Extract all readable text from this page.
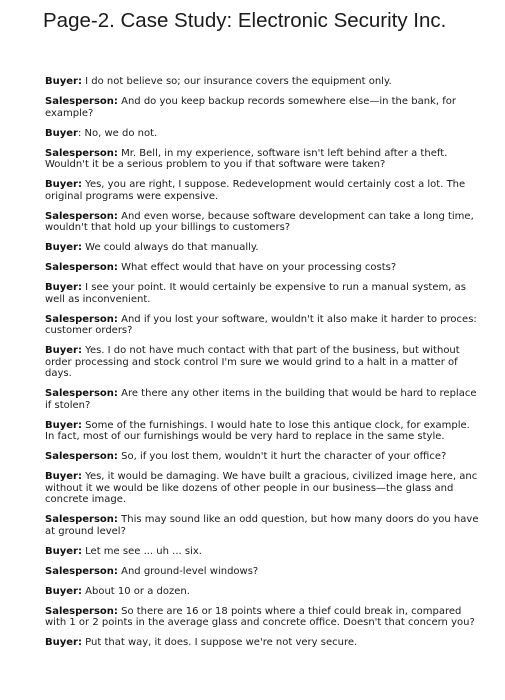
Page-2. Case Study: Electronic Security Inc.
Buyer: I do not believe so; our insurance covers the equipment only.
Salesperson: And do you keep backup records somewhere else—in the bank, for
example?
Buyer: No, we do not.
Salesperson: Mr. Bell, in my experience, software isn't left behind after a theft.
Wouldn't it be a serious problem to you if that software were taken?
Buyer: Yes, you are right, I suppose. Redevelopment would certainly cost a lot. The
original programs were expensive.
Salesperson: And even worse, because software development can take a long time,
wouldn't that hold up your billings to customers?
Buyer: We could always do that manually.
Salesperson: What effect would that have on your processing costs?
Buyer: I see your point. It would certainly be expensive to run a manual system, as
well as inconvenient.
Salesperson: And if you lost your software, wouldn't it also make it harder to proces:
customer orders?
Buyer: Yes. I do not have much contact with that part of the business, but without
order processing and stock control I'm sure we would grind to a halt in a matter of
days.
Salesperson: Are there any other items in the building that would be hard to replace
if stolen?
Buyer: Some of the furnishings. I would hate to lose this antique clock, for example.
In fact, most of our furnishings would be very hard to replace in the same style.
Salesperson: So, if you lost them, wouldn't it hurt the character of your office?
Buyer: Yes, it would be damaging. We have built a gracious, civilized image here, anc
without it we would be like dozens of other people in our business—the glass and
concrete image.
Salesperson: This may sound like an odd question, but how many doors do you have
at ground level?
Buyer: Let me see ... uh ... six.
Salesperson: And ground-level windows?
Buyer: About 10 or a dozen.
Salesperson: So there are 16 or 18 points where a thief could break in, compared
with 1 or 2 points in the average glass and concrete office. Doesn't that concern you?
Buyer: Put that way, it does. I suppose we're not very secure.
